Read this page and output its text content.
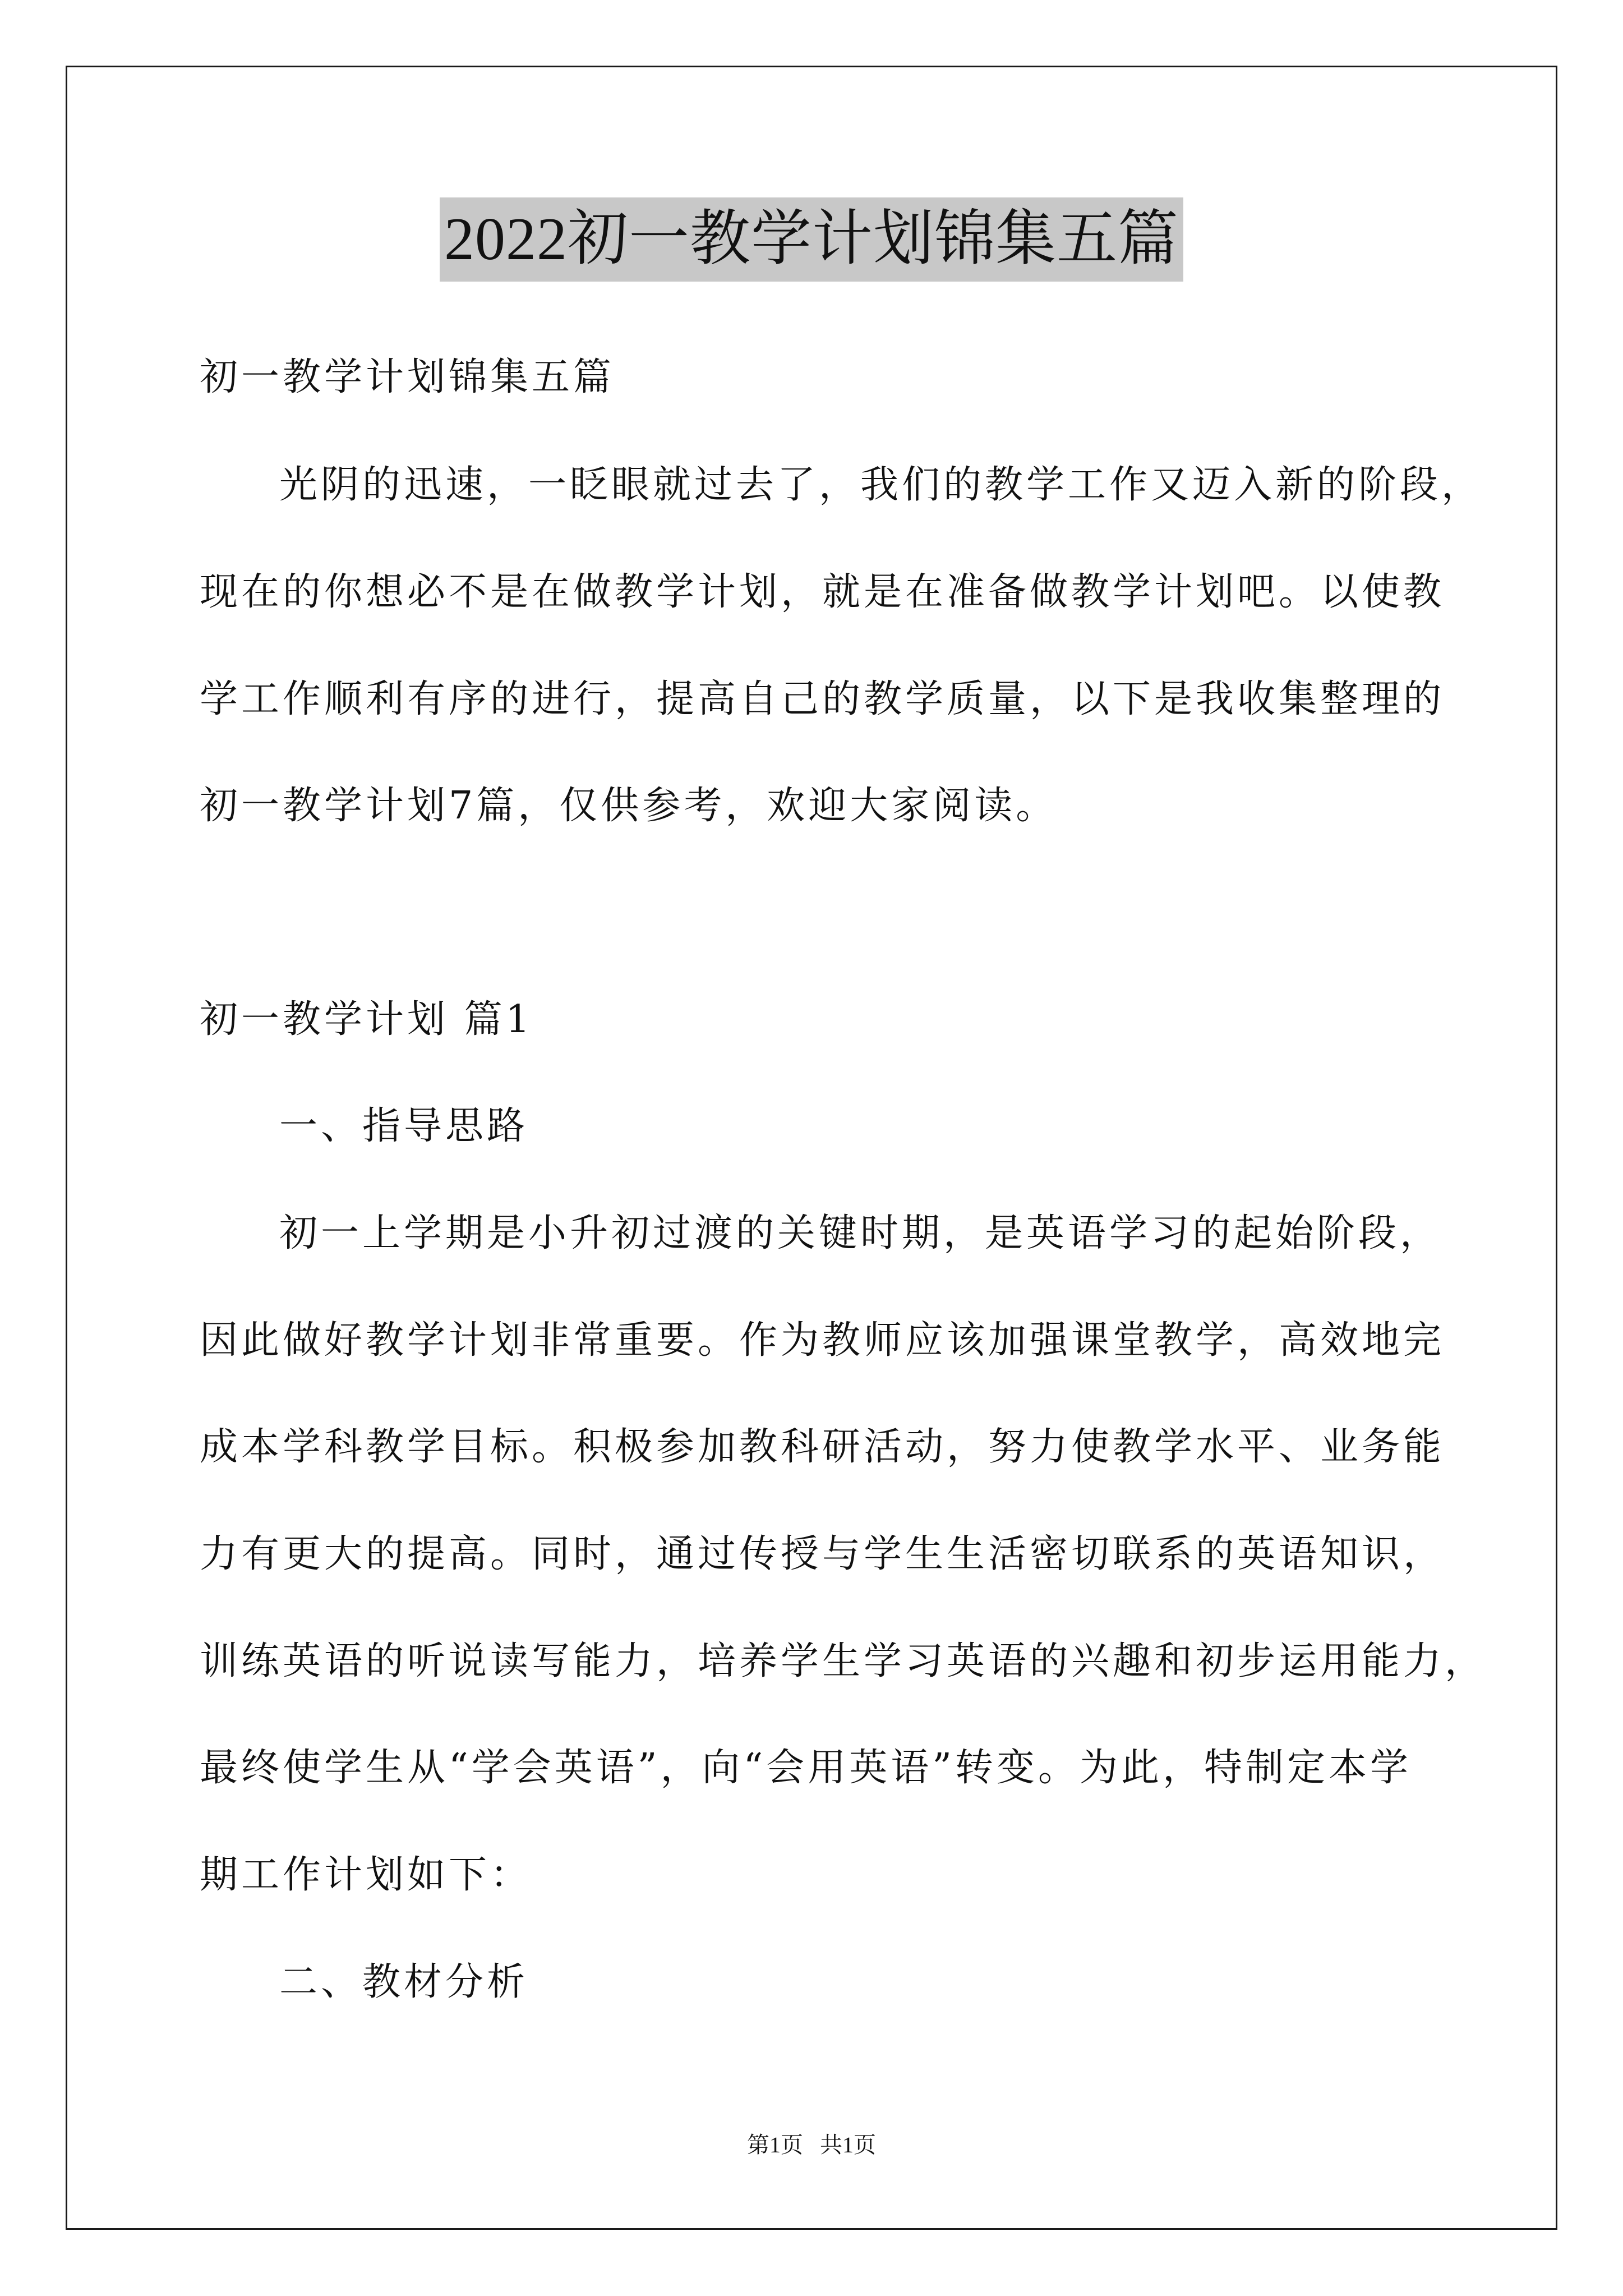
2022初一教学计划锦集五篇
初一教学计划锦集五篇
光阴的迅速，一眨眼就过去了，我们的教学工作又迈入新的阶段，
现在的你想必不是在做教学计划，就是在准备做教学计划吧。以使教
学工作顺利有序的进行，提高自己的教学质量，以下是我收集整理的
初一教学计划7篇，仅供参考，欢迎大家阅读。
初一教学计划 篇1
一、指导思路
初一上学期是小升初过渡的关键时期，是英语学习的起始阶段，
因此做好教学计划非常重要。作为教师应该加强课堂教学，高效地完
成本学科教学目标。积极参加教科研活动，努力使教学水平、业务能
力有更大的提高。同时，通过传授与学生生活密切联系的英语知识，
训练英语的听说读写能力，培养学生学习英语的兴趣和初步运用能力，
最终使学生从“学会英语”，向“会用英语”转变。为此，特制定本学
期工作计划如下：
二、教材分析
第1页   共1页
